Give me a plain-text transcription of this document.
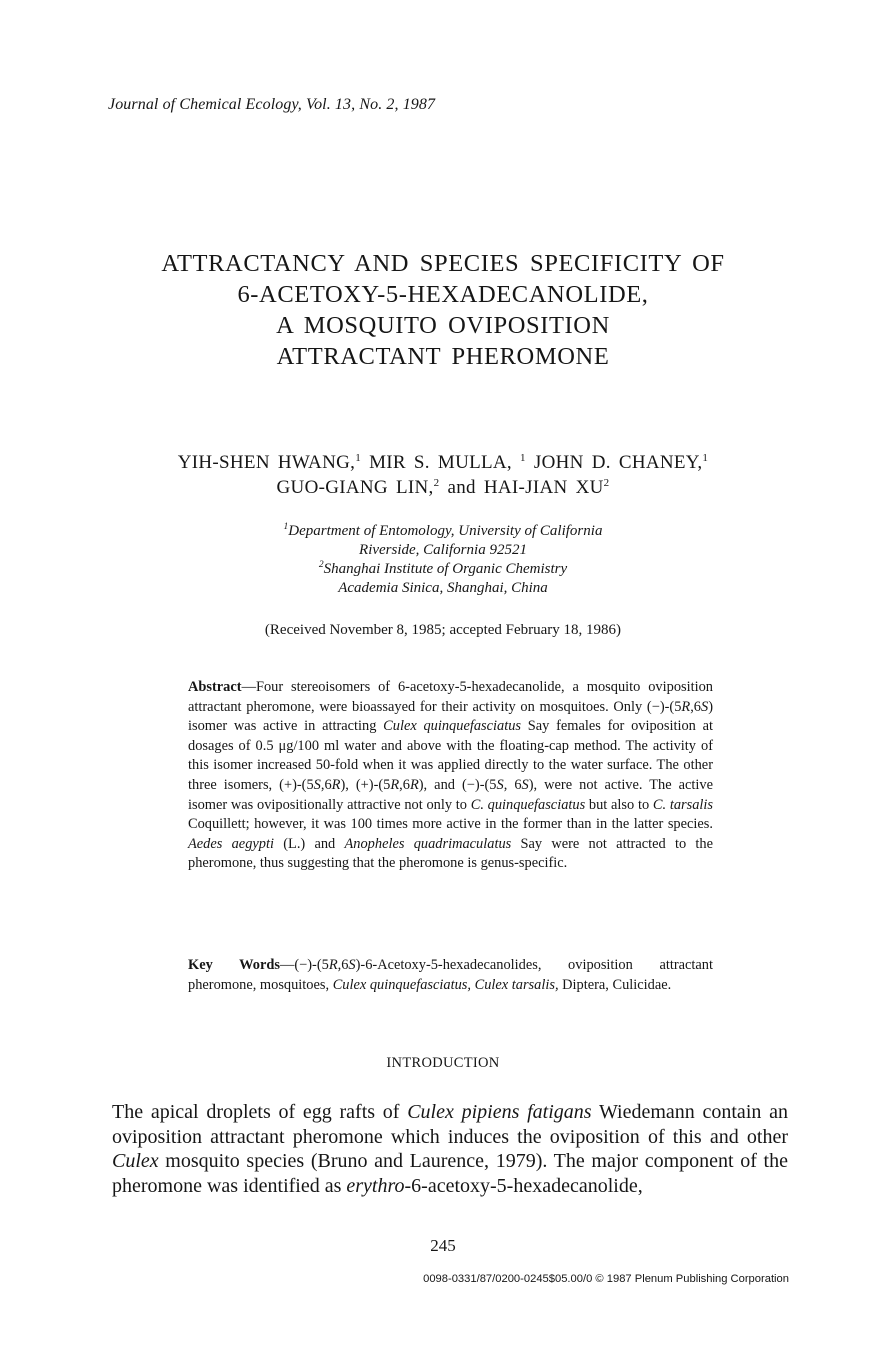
Journal of Chemical Ecology, Vol. 13, No. 2, 1987
ATTRACTANCY AND SPECIES SPECIFICITY OF
6-ACETOXY-5-HEXADECANOLIDE,
A MOSQUITO OVIPOSITION
ATTRACTANT PHEROMONE
YIH-SHEN HWANG,$^1$ MIR S. MULLA, $^1$ JOHN D. CHANEY,$^1$
GUO-GIANG LIN,$^2$ and HAI-JIAN $XU^2$
$^1$Department of Entomology, University of California
Riverside, California 92521
$^2$Shanghai Institute of Organic Chemistry
Academia Sinica, Shanghai, China
(Received November 8, 1985; accepted February 18, 1986)

Abstract—Four stereoisomers of 6-acetoxy-5-hexadecanolide, a mosquito oviposition attractant pheromone, were bioassayed for their activity on mosquitoes. Only (−)-(5R,6S) isomer was active in attracting Culex quinquefasciatus Say females for oviposition at dosages of 0.5 μg/100 ml water and above with the floating-cap method. The activity of this isomer increased 50-fold when it was applied directly to the water surface. The other three isomers, (+)-(5S,6R), (+)-(5R,6R), and (−)-(5S, 6S), were not active. The active isomer was ovipositionally attractive not only to C. quinquefasciatus but also to C. tarsalis Coquillett; however, it was 100 times more active in the former than in the latter species. Aedes aegypti (L.) and Anopheles quadrimaculatus Say were not attracted to the pheromone, thus suggesting that the pheromone is genus-specific.

Key Words—(−)-(5R,6S)-6-Acetoxy-5-hexadecanolides, oviposition attractant pheromone, mosquitoes, Culex quinquefasciatus, Culex tarsalis, Diptera, Culicidae.

INTRODUCTION

The apical droplets of egg rafts of Culex pipiens fatigans Wiedemann contain an oviposition attractant pheromone which induces the oviposition of this and other Culex mosquito species (Bruno and Laurence, 1979). The major component of the pheromone was identified as erythro-6-acetoxy-5-hexadecanolide,

245
0098-0331/87/0200-0245$05.00/0 © 1987 Plenum Publishing Corporation
